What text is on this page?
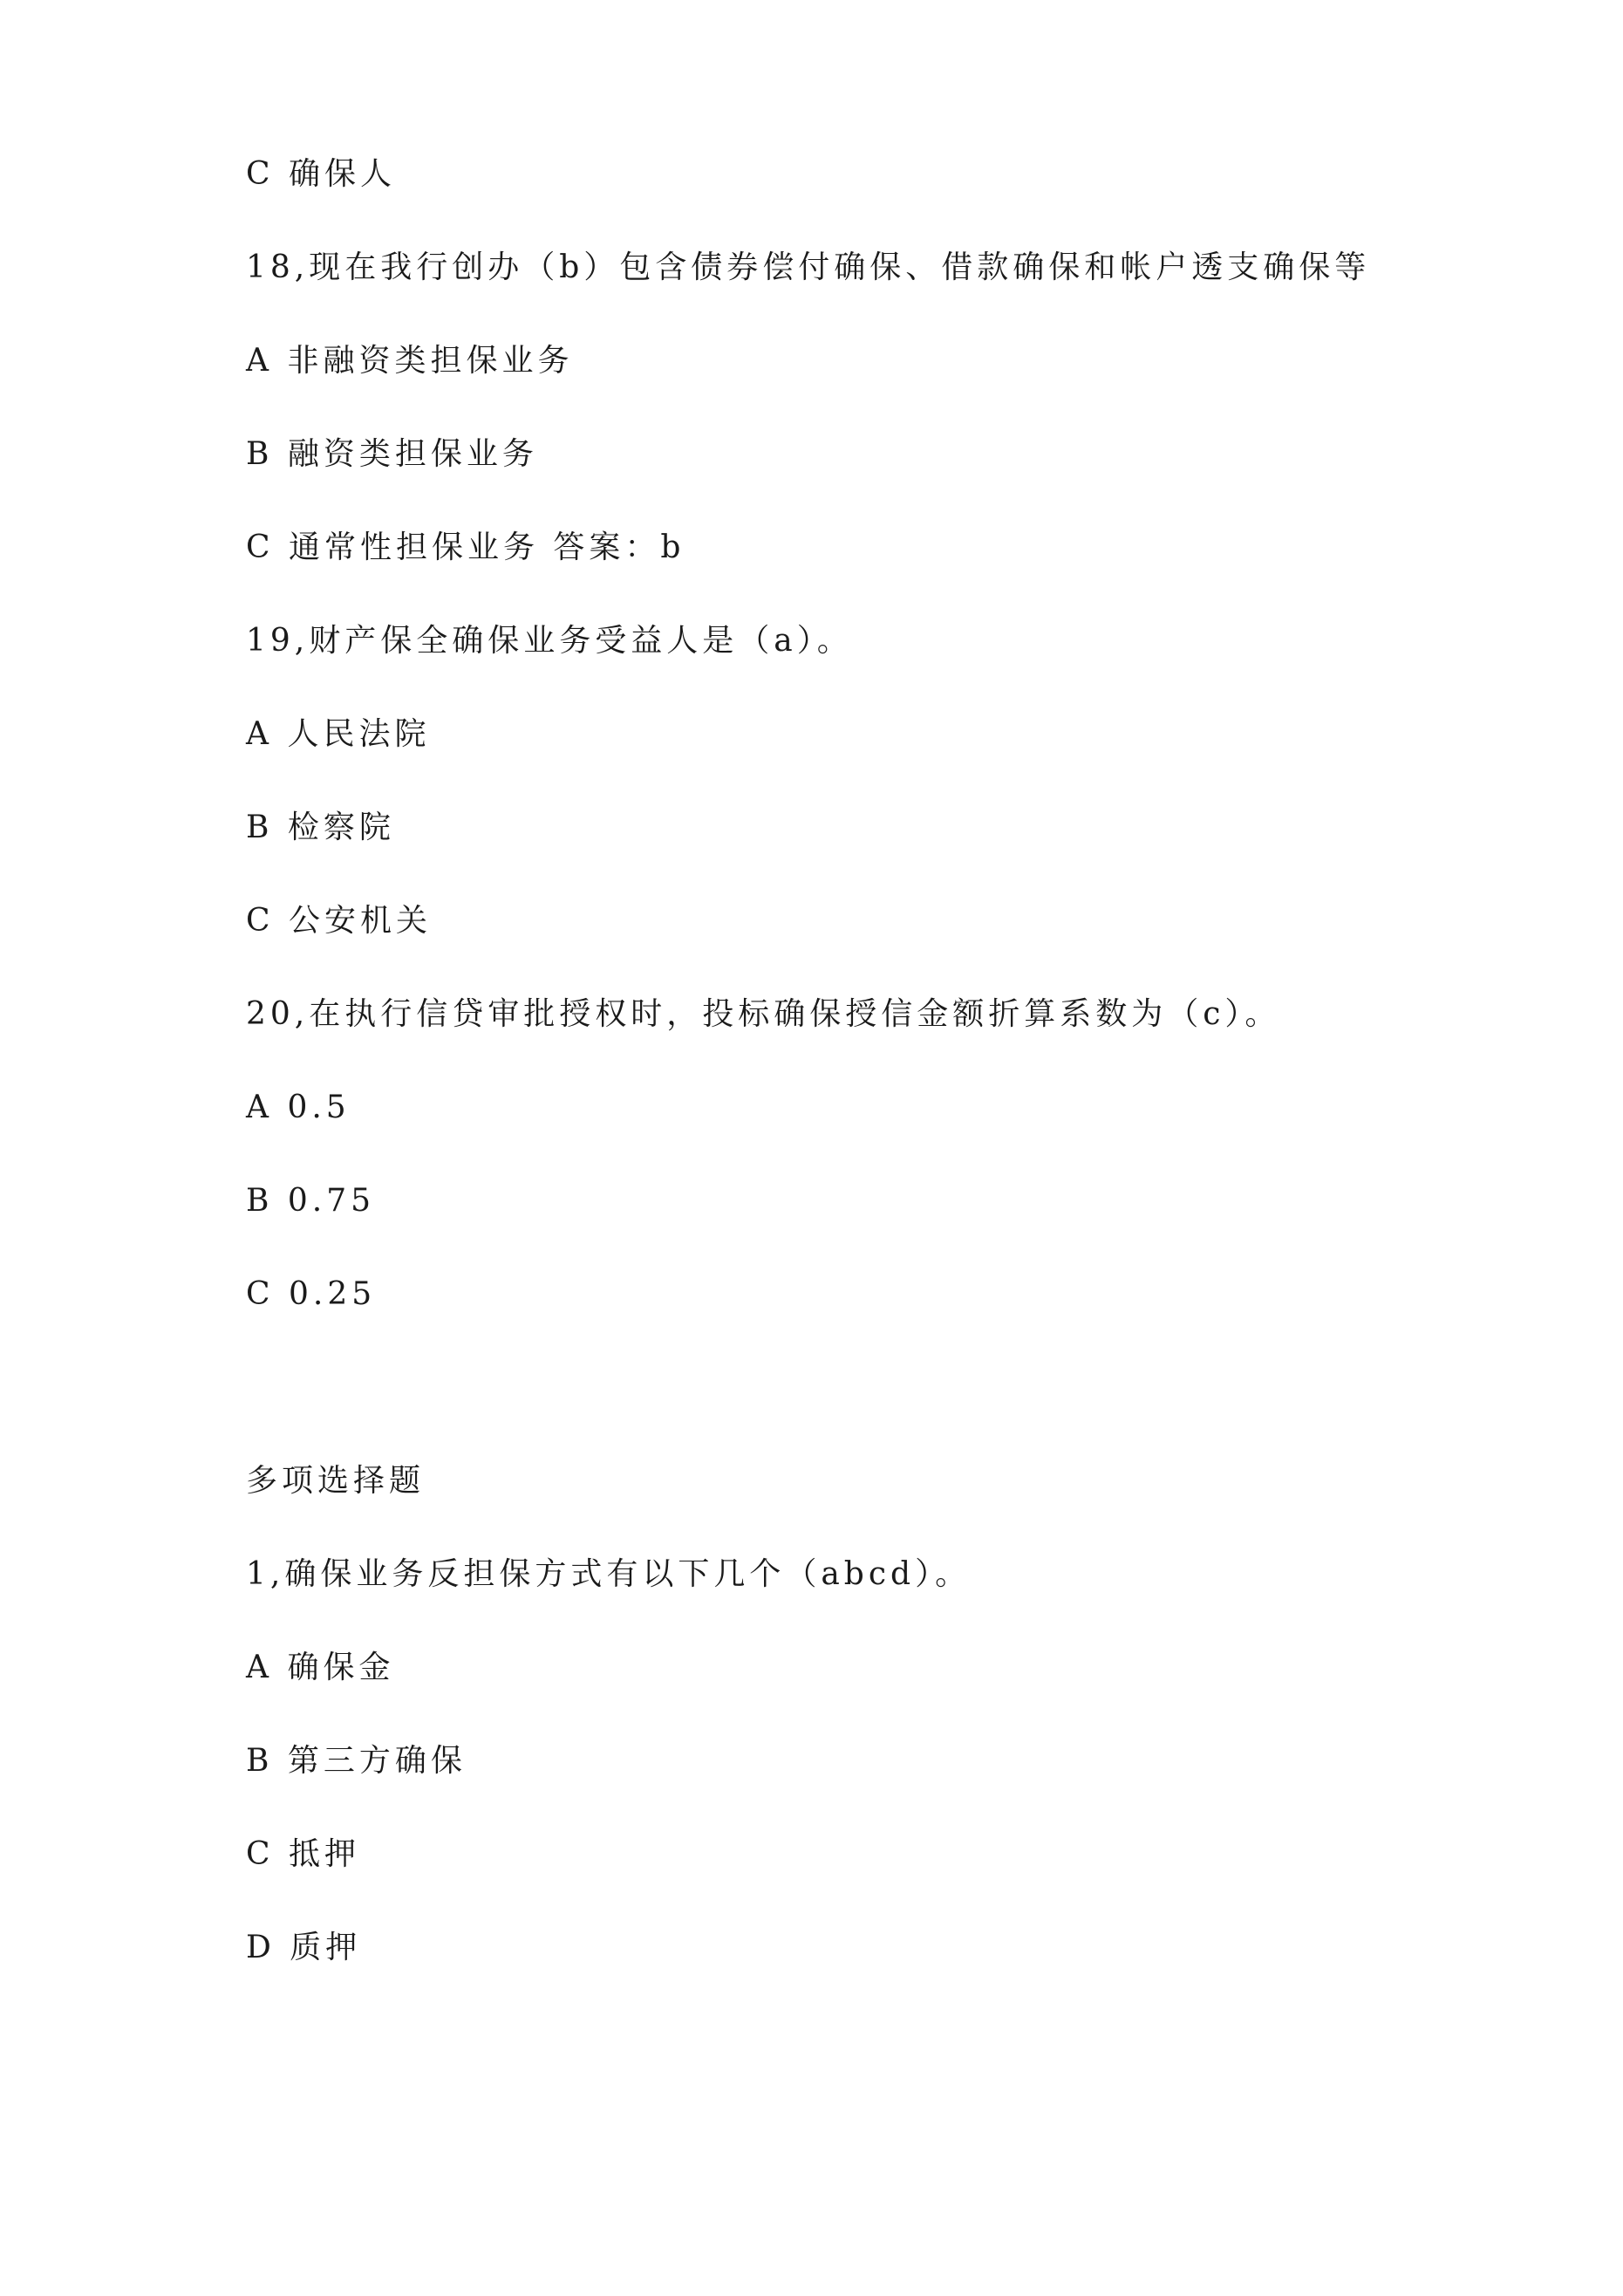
C 确保人
18,现在我行创办（b）包含债券偿付确保、借款确保和帐户透支确保等
A 非融资类担保业务
B 融资类担保业务
C 通常性担保业务 答案：b
19,财产保全确保业务受益人是（a）。
A 人民法院
B 检察院
C 公安机关
20,在执行信贷审批授权时，投标确保授信金额折算系数为（c）。
A 0.5
B 0.75
C 0.25
多项选择题
1,确保业务反担保方式有以下几个（abcd）。
A 确保金
B 第三方确保
C 抵押
D 质押
